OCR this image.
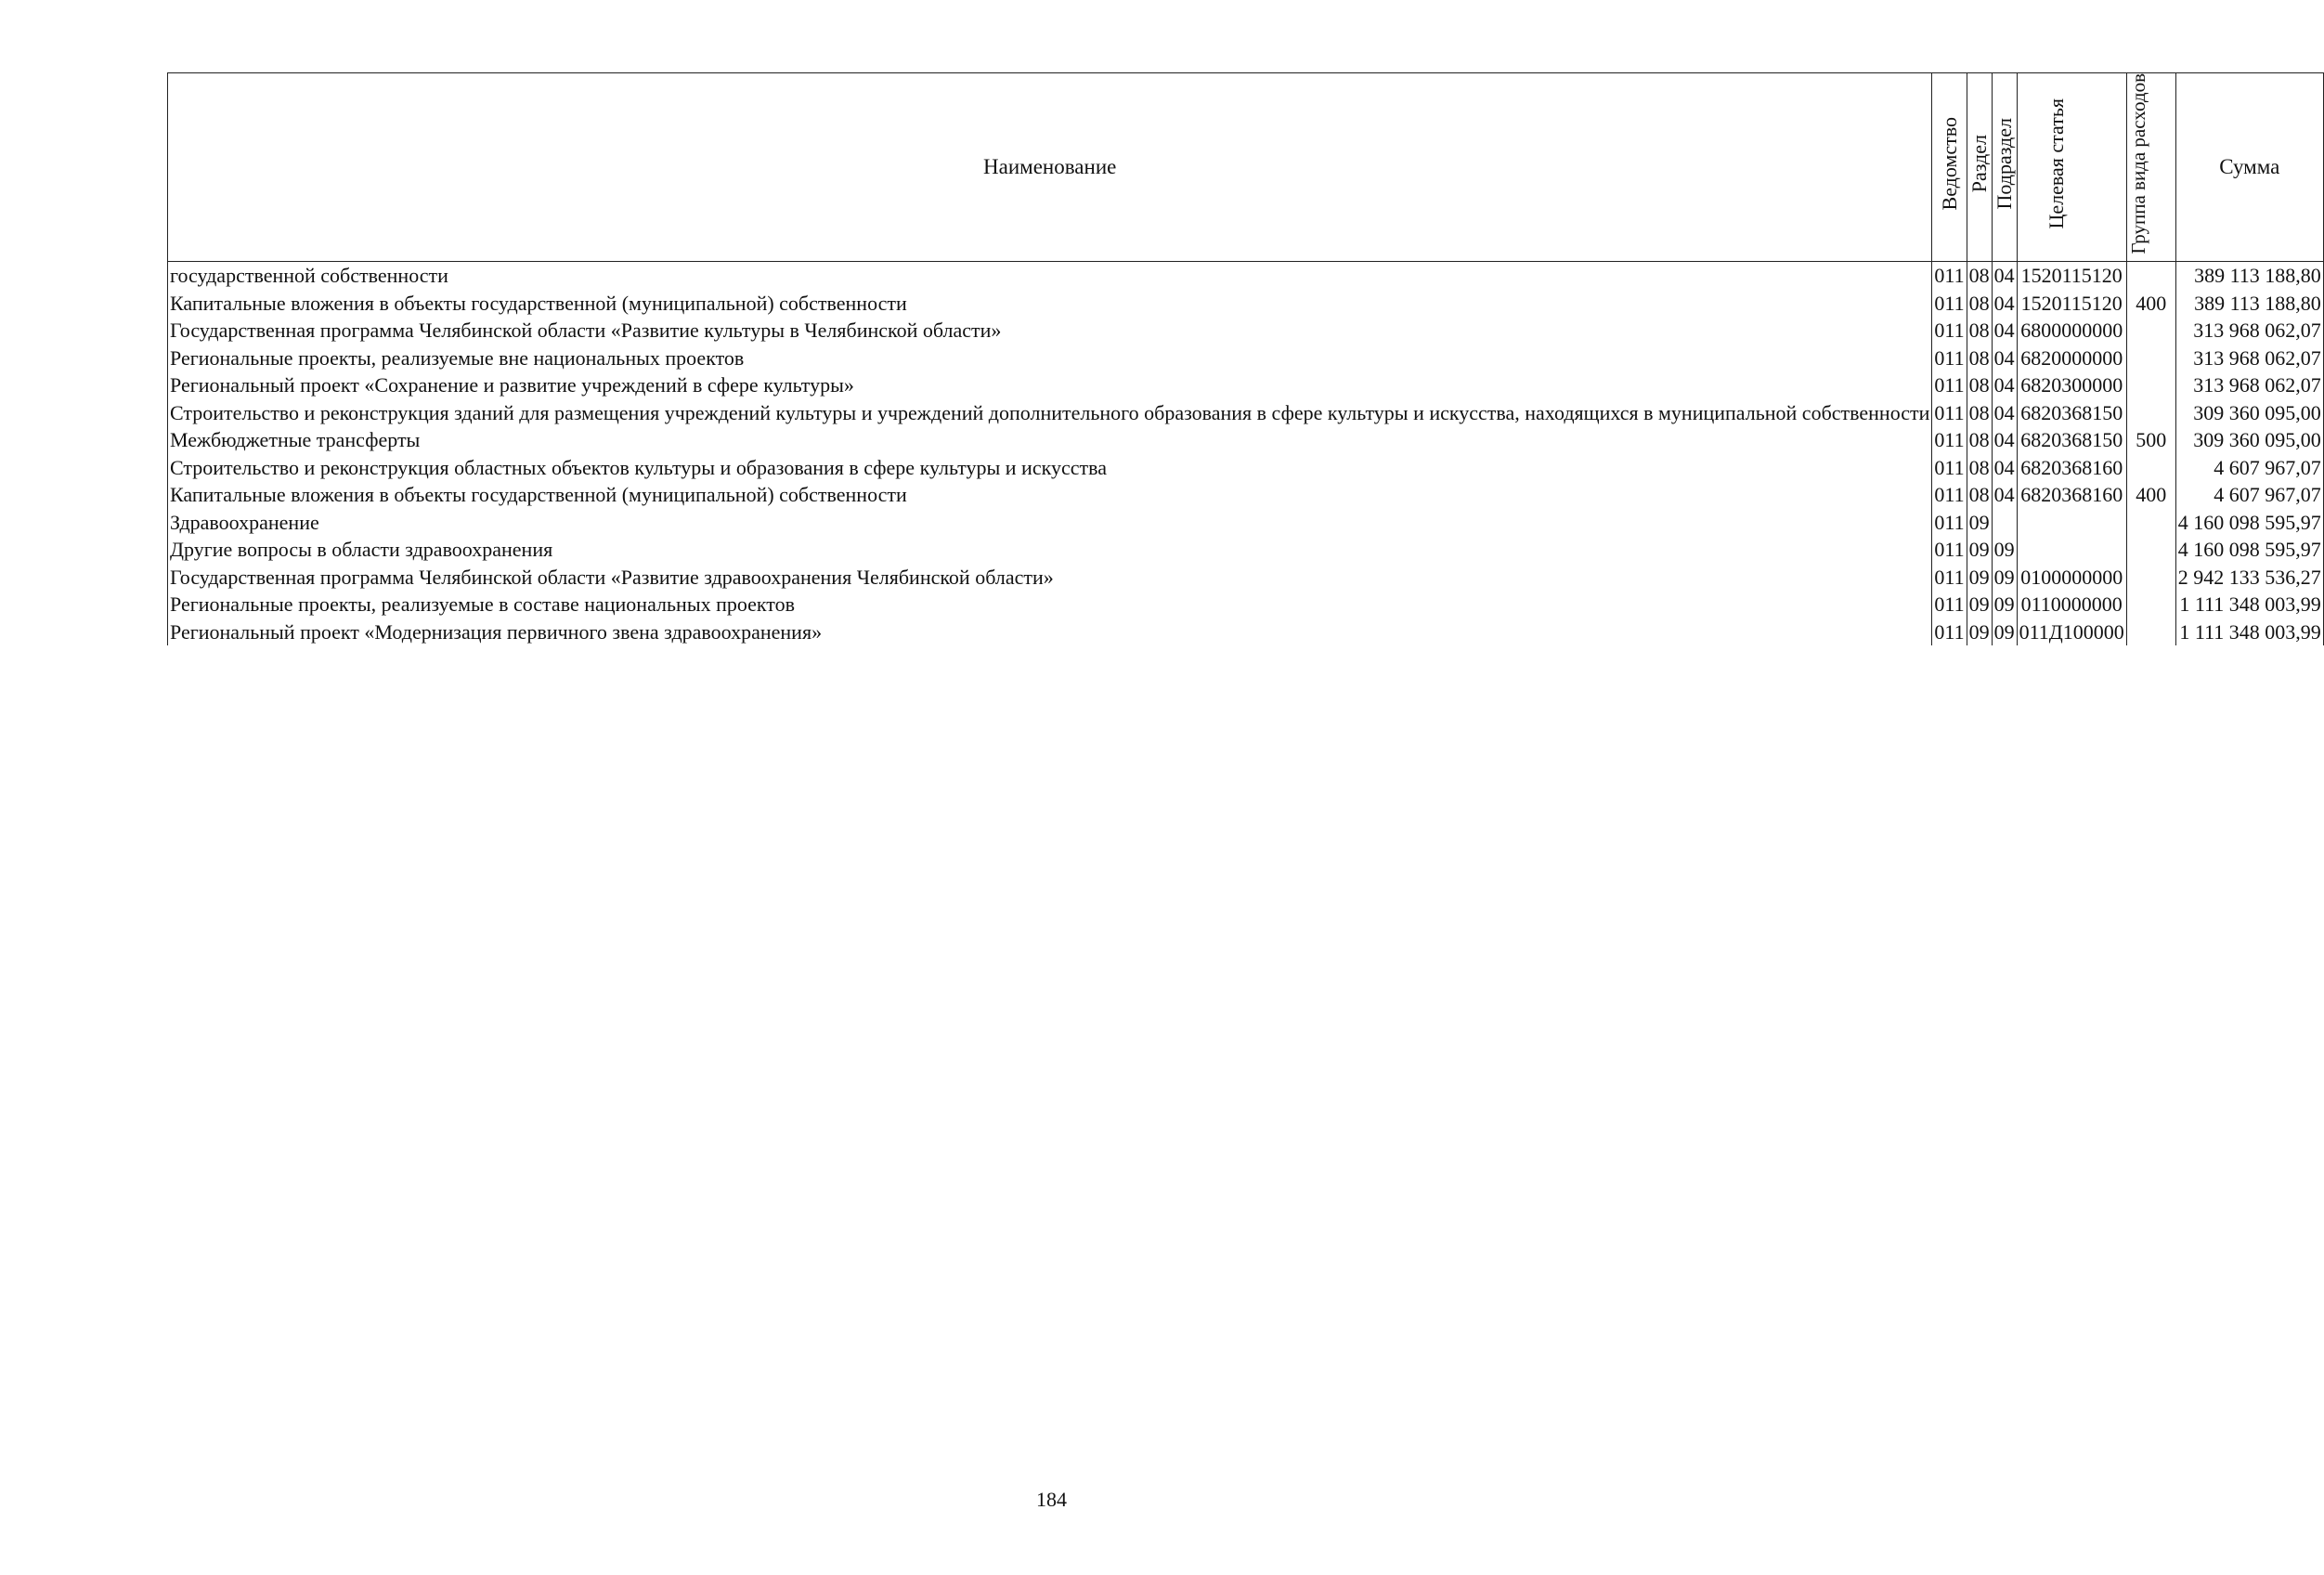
Наименование	Ведомство	Раздел	Подраздел	Целевая статья	Группа вида расходов	Сумма
государственной собственности	011	08	04	1520115120		389 113 188,80
Капитальные вложения в объекты государственной (муниципальной) собственности	011	08	04	1520115120	400	389 113 188,80
Государственная программа Челябинской области «Развитие культуры в Челябинской области»	011	08	04	6800000000		313 968 062,07
Региональные проекты, реализуемые вне национальных проектов	011	08	04	6820000000		313 968 062,07
Региональный проект «Сохранение и развитие учреждений в сфере культуры»	011	08	04	6820300000		313 968 062,07
Строительство и реконструкция зданий для размещения учреждений культуры и учреждений дополнительного образования в сфере культуры и искусства, находящихся в муниципальной собственности	011	08	04	6820368150		309 360 095,00
Межбюджетные трансферты	011	08	04	6820368150	500	309 360 095,00
Строительство и реконструкция областных объектов культуры и образования в сфере культуры и искусства	011	08	04	6820368160		4 607 967,07
Капитальные вложения в объекты государственной (муниципальной) собственности	011	08	04	6820368160	400	4 607 967,07
Здравоохранение	011	09				4 160 098 595,97
Другие вопросы в области здравоохранения	011	09	09			4 160 098 595,97
Государственная программа Челябинской области «Развитие здравоохранения Челябинской области»	011	09	09	0100000000		2 942 133 536,27
Региональные проекты, реализуемые в составе национальных проектов	011	09	09	0110000000		1 111 348 003,99
Региональный проект «Модернизация первичного звена здравоохранения»	011	09	09	011Д100000		1 111 348 003,99
184
